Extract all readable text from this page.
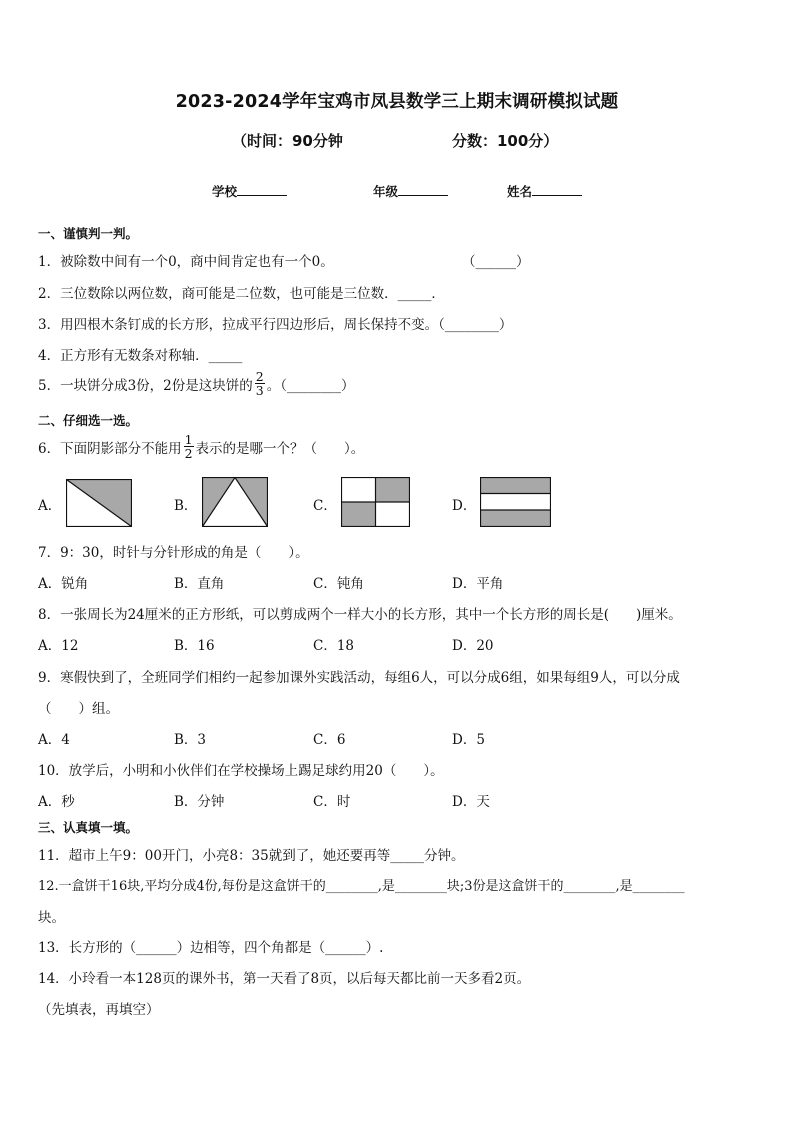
2023-2024学年宝鸡市凤县数学三上期末调研模拟试题
（时间：90分钟	分数：100分）
学校	年级	姓名
一、谨慎判一判。
1．被除数中间有一个0，商中间肯定也有一个0。	（______）
2．三位数除以两位数，商可能是二位数，也可能是三位数．_____．
3．用四根木条钉成的长方形，拉成平行四边形后，周长保持不变。（________）
4．正方形有无数条对称轴．_____
5．一块饼分成3份，2份是这块饼的 $\frac{2}{3}$ 。（________）
二、仔细选一选。
6．下面阴影部分不能用 $\frac{1}{2}$ 表示的是哪一个？（　　）。
A．	B．	C．	D．
7．9：30，时针与分针形成的角是（　　）。
A．锐角	B．直角	C．钝角	D．平角
8．一张周长为24厘米的正方形纸，可以剪成两个一样大小的长方形，其中一个长方形的周长是(　　)厘米。
A．12	B．16	C．18	D．20
9．寒假快到了，全班同学们相约一起参加课外实践活动，每组6人，可以分成6组，如果每组9人，可以分成
（　　）组。
A．4	B．3	C．6	D．5
10．放学后，小明和小伙伴们在学校操场上踢足球约用20（　　）。
A．秒	B．分钟	C．时	D．天
三、认真填一填。
11．超市上午9：00开门，小亮8：35就到了，她还要再等_____分钟。
12.一盒饼干16块,平均分成4份,每份是这盒饼干的________,是________块;3份是这盒饼干的________,是________
块。
13．长方形的（______）边相等，四个角都是（______）.
14．小玲看一本128页的课外书，第一天看了8页，以后每天都比前一天多看2页。
（先填表，再填空）
